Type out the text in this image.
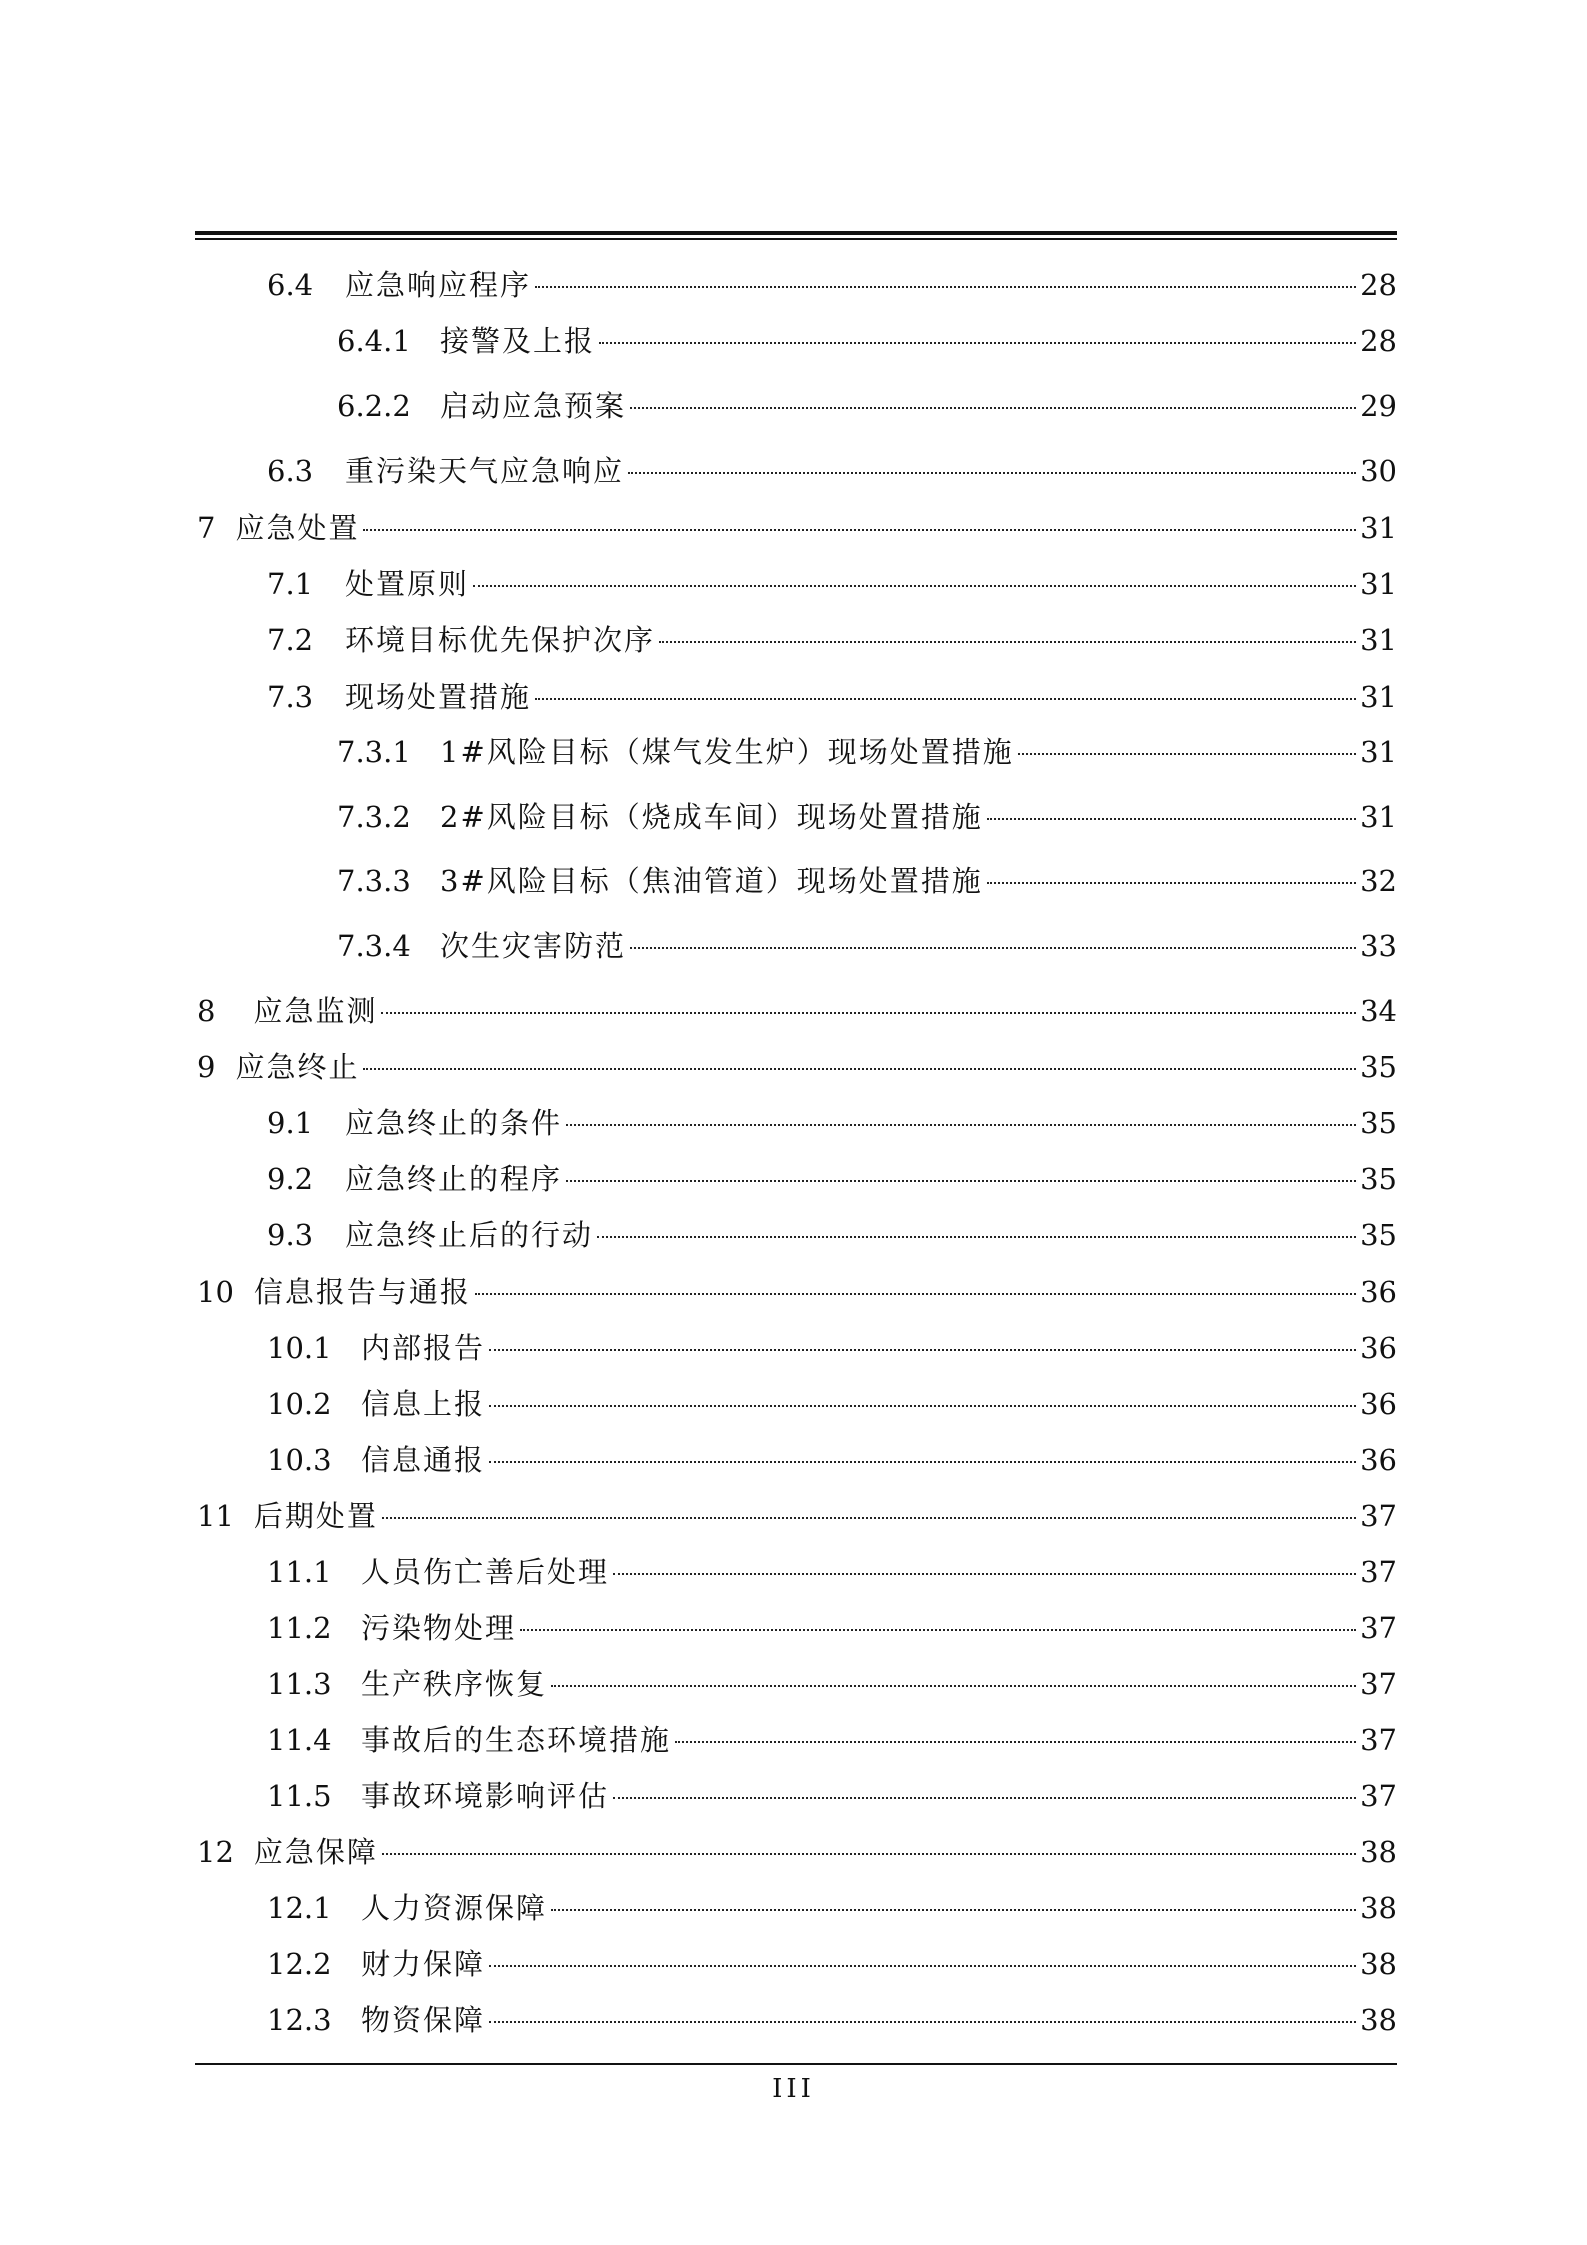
6.4	应急响应程序	28
6.4.1	接警及上报	28
6.2.2	启动应急预案	29
6.3	重污染天气应急响应	30
7 应急处置	31
7.1	处置原则	31
7.2	环境目标优先保护次序	31
7.3	现场处置措施	31
7.3.1	1#风险目标（煤气发生炉）现场处置措施	31
7.3.2	2#风险目标（烧成车间）现场处置措施	31
7.3.3	3#风险目标（焦油管道）现场处置措施	32
7.3.4	次生灾害防范	33
8 应急监测	34
9 应急终止	35
9.1	应急终止的条件	35
9.2	应急终止的程序	35
9.3	应急终止后的行动	35
10 信息报告与通报	36
10.1	内部报告	36
10.2	信息上报	36
10.3	信息通报	36
11 后期处置	37
11.1	人员伤亡善后处理	37
11.2	污染物处理	37
11.3	生产秩序恢复	37
11.4	事故后的生态环境措施	37
11.5	事故环境影响评估	37
12 应急保障	38
12.1	人力资源保障	38
12.2	财力保障	38
12.3	物资保障	38
III
